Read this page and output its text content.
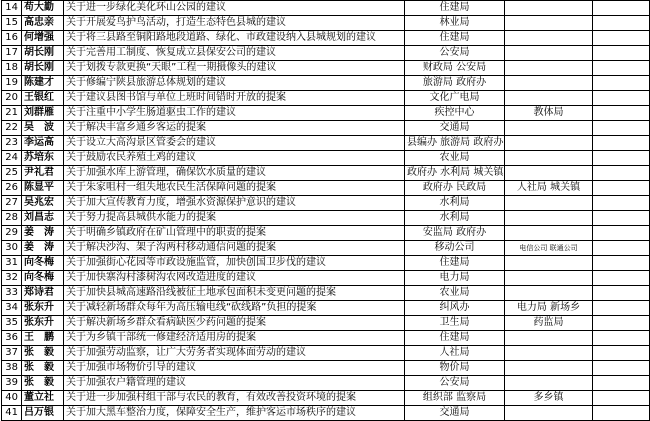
14	苟大勤	关于进一步绿化美化环山公园的建议	住建局		
15	高忠亲	关于开展爱鸟护鸟活动，打造生态特色县城的建议	林业局		
16	何增强	关于将三县路至铜阳路地段道路、绿化、市政建设纳入县城规划的建议	住建局		
17	胡长刚	关于完善用工制度、恢复成立县保安公司的建议	公安局		
18	胡长刚	关于划拨专款更换“天眼”工程一期摄像头的建议	财政局 公安局		
19	陈建才	关于修编宁陕县旅游总体规划的建议	旅游局 政府办		
20	王银红	关于建议县图书馆与单位上班时间错时开放的提案	文化广电局		
21	刘群雁	关于注重中小学生肠道驱虫工作的建议	疾控中心	教体局	
22	吴　波	关于解决丰富乡通乡客运的提案	交通局		
23	李运高	关于设立大高沟景区管委会的建议	县编办 旅游局 政府办		
24	苏培东	关于鼓励农民养殖土鸡的建议	农业局		
25	尹礼君	关于加强水库上游管理，确保饮水质量的建议	政府办 水利局 城关镇		
26	陈显平	关于朱家咀村一组失地农民生活保障问题的提案	政府办 民政局	人社局 城关镇	
27	吴兆宏	关于加大宣传教育力度，增强水资源保护意识的建议	水利局		
28	刘昌志	关于努力提高县城供水能力的提案	水利局		
29	姜　涛	关于明确乡镇政府在矿山管理中的职责的提案	安监局 政府办		
30	姜　涛	关于解决沙沟、架子沟两村移动通信问题的提案	移动公司	电信公司 联通公司	
31	向冬梅	关于加强街心花园等市政设施监管，加快创国卫步伐的建议	住建局		
32	向冬梅	关于加快寨沟村漆树沟农网改造进度的建议	电力局		
33	郑诗君	关于加快县城高速路沿线被征土地承包面积未变更问题的提案	农业局		
34	张东升	关于减轻新场群众每年为高压输电线“砍线路”负担的提案	纠风办	电力局 新场乡	
35	张东升	关于解决新场乡群众看病缺医少药问题的提案	卫生局	药监局	
36	王　鹏	关于为乡镇干部统一修建经济适用房的提案	住建局		
37	张　毅	关于加强劳动监察，让广大劳务者实现体面劳动的建议	人社局		
38	张　毅	关于加强市场物价引导的建议	物价局		
39	张　毅	关于加强农户籍管理的建议	公安局		
40	董立社	关于进一步加强村组干部与农民的教育，有效改善投资环境的提案	组织部 监察局	多乡镇	
41	吕万银	关于加大黑车整治力度，保障安全生产，维护客运市场秩序的建议	交通局		
